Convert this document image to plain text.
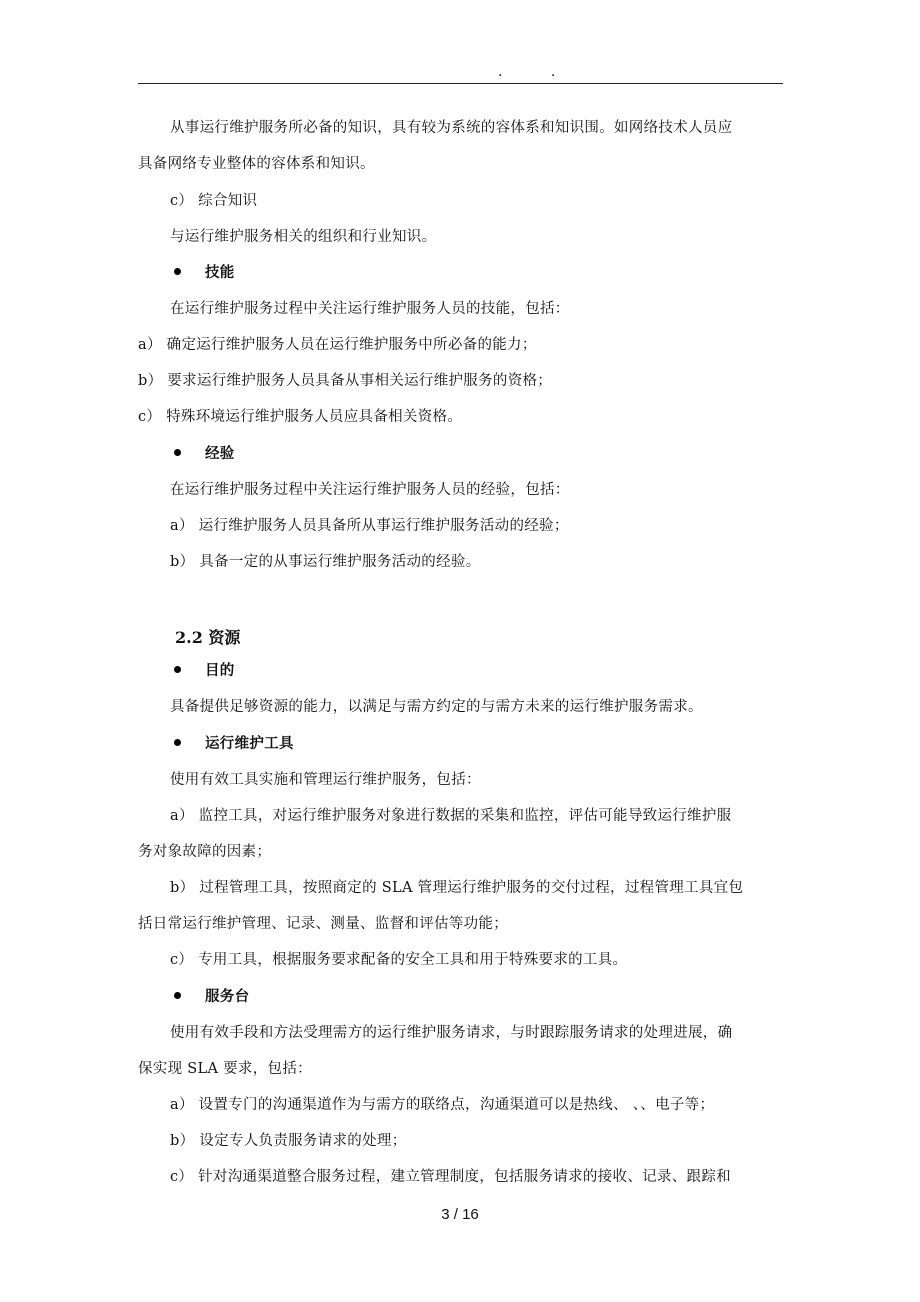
. .
从事运行维护服务所必备的知识，具有较为系统的容体系和知识围。如网络技术人员应
具备网络专业整体的容体系和知识。
c） 综合知识
与运行维护服务相关的组织和行业知识。
技能
在运行维护服务过程中关注运行维护服务人员的技能，包括：
a） 确定运行维护服务人员在运行维护服务中所必备的能力；
b） 要求运行维护服务人员具备从事相关运行维护服务的资格；
c） 特殊环境运行维护服务人员应具备相关资格。
经验
在运行维护服务过程中关注运行维护服务人员的经验，包括：
a） 运行维护服务人员具备所从事运行维护服务活动的经验；
b） 具备一定的从事运行维护服务活动的经验。
2.2 资源
目的
具备提供足够资源的能力，以满足与需方约定的与需方未来的运行维护服务需求。
运行维护工具
使用有效工具实施和管理运行维护服务，包括：
a） 监控工具，对运行维护服务对象进行数据的采集和监控，评估可能导致运行维护服
务对象故障的因素；
b） 过程管理工具，按照商定的 SLA 管理运行维护服务的交付过程，过程管理工具宜包
括日常运行维护管理、记录、测量、监督和评估等功能；
c） 专用工具，根据服务要求配备的安全工具和用于特殊要求的工具。
服务台
使用有效手段和方法受理需方的运行维护服务请求，与时跟踪服务请求的处理进展，确
保实现 SLA 要求，包括：
a） 设置专门的沟通渠道作为与需方的联络点，沟通渠道可以是热线、 、、电子等；
b） 设定专人负责服务请求的处理；
c） 针对沟通渠道整合服务过程，建立管理制度，包括服务请求的接收、记录、跟踪和
3 / 16
